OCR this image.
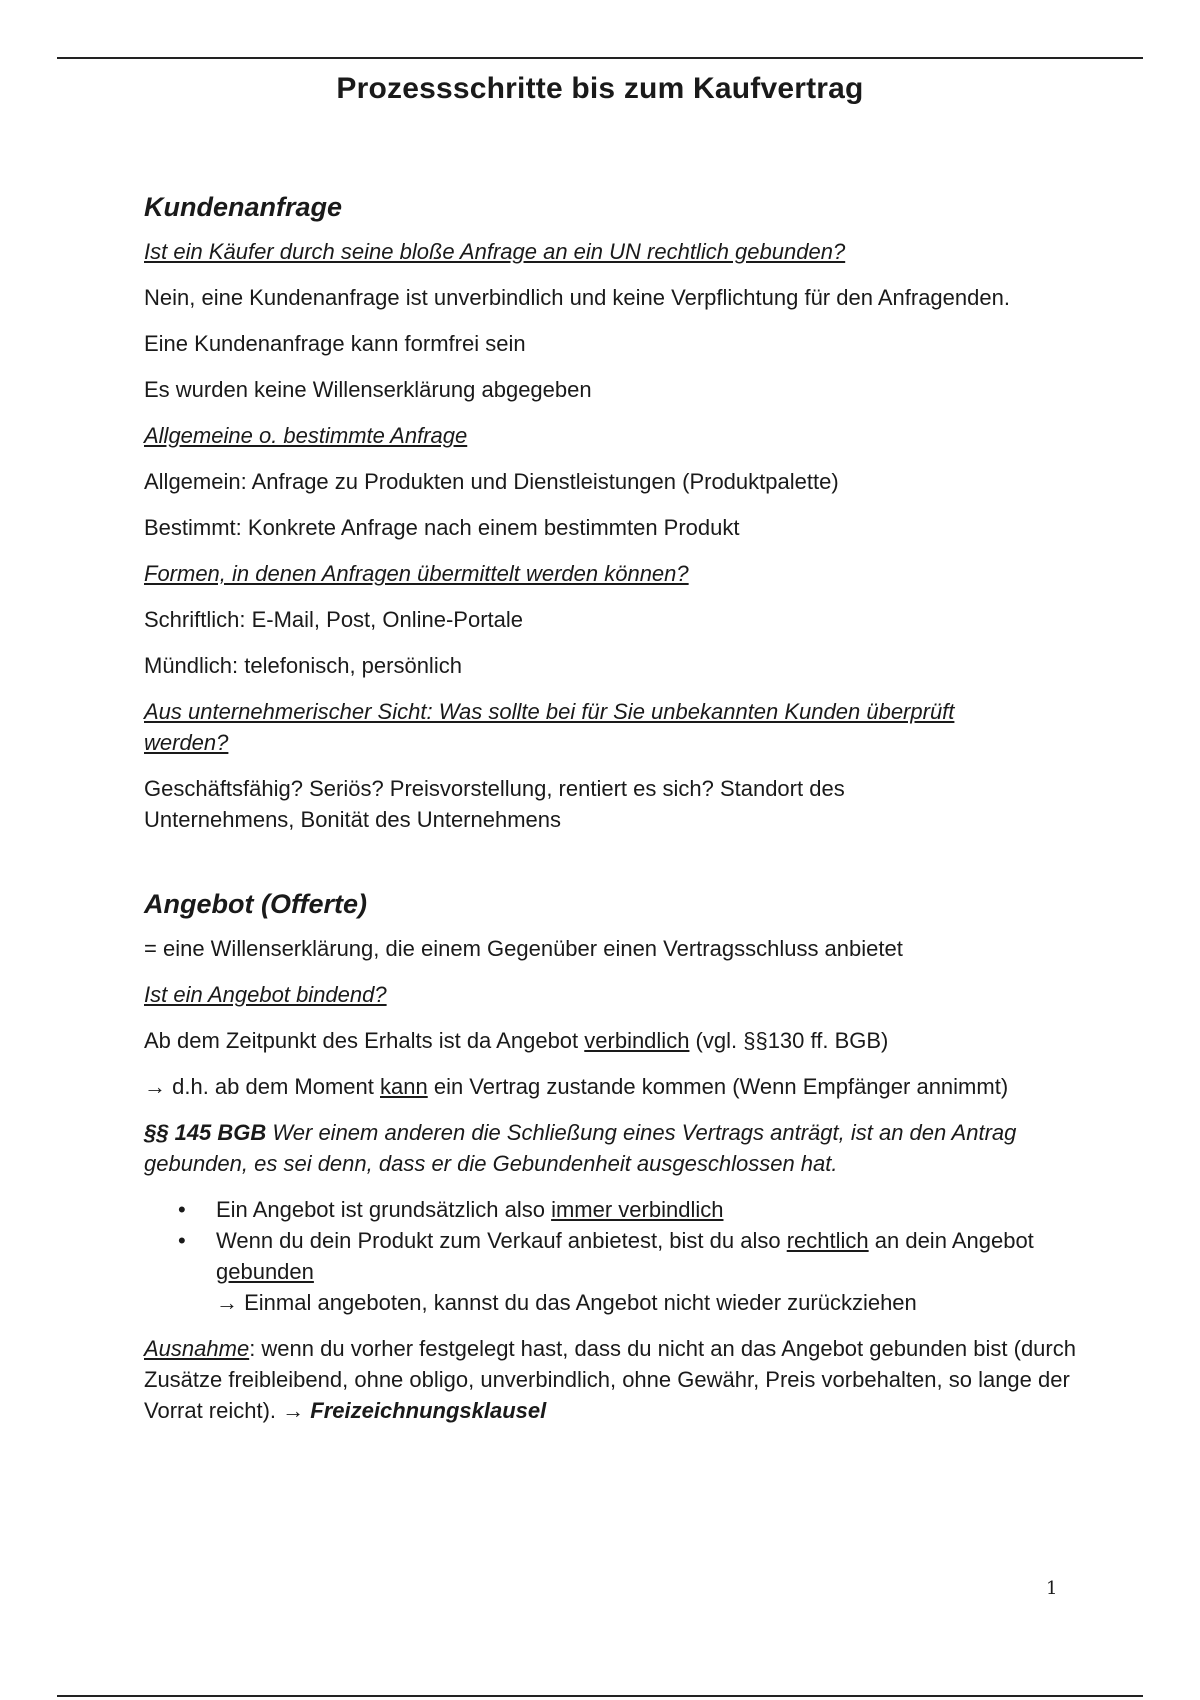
Prozessschritte bis zum Kaufvertrag
Kundenanfrage

Ist ein Käufer durch seine bloße Anfrage an ein UN rechtlich gebunden?

Nein, eine Kundenanfrage ist unverbindlich und keine Verpflichtung für den Anfragenden.

Eine Kundenanfrage kann formfrei sein

Es wurden keine Willenserklärung abgegeben

Allgemeine o. bestimmte Anfrage

Allgemein: Anfrage zu Produkten und Dienstleistungen (Produktpalette)

Bestimmt: Konkrete Anfrage nach einem bestimmten Produkt

Formen, in denen Anfragen übermittelt werden können?

Schriftlich: E-Mail, Post, Online-Portale

Mündlich: telefonisch, persönlich

Aus unternehmerischer Sicht: Was sollte bei für Sie unbekannten Kunden überprüft werden?

Geschäftsfähig? Seriös? Preisvorstellung, rentiert es sich? Standort des Unternehmens, Bonität des Unternehmens

Angebot (Offerte)

= eine Willenserklärung, die einem Gegenüber einen Vertragsschluss anbietet

Ist ein Angebot bindend?

Ab dem Zeitpunkt des Erhalts ist da Angebot verbindlich (vgl. §§130 ff. BGB)

→ d.h. ab dem Moment kann ein Vertrag zustande kommen (Wenn Empfänger annimmt)

§§ 145 BGB Wer einem anderen die Schließung eines Vertrags anträgt, ist an den Antrag gebunden, es sei denn, dass er die Gebundenheit ausgeschlossen hat.

• Ein Angebot ist grundsätzlich also immer verbindlich
• Wenn du dein Produkt zum Verkauf anbietest, bist du also rechtlich an dein Angebot gebunden
→ Einmal angeboten, kannst du das Angebot nicht wieder zurückziehen

Ausnahme: wenn du vorher festgelegt hast, dass du nicht an das Angebot gebunden bist (durch Zusätze freibleibend, ohne obligo, unverbindlich, ohne Gewähr, Preis vorbehalten, so lange der Vorrat reicht). → Freizeichnungsklausel

1
